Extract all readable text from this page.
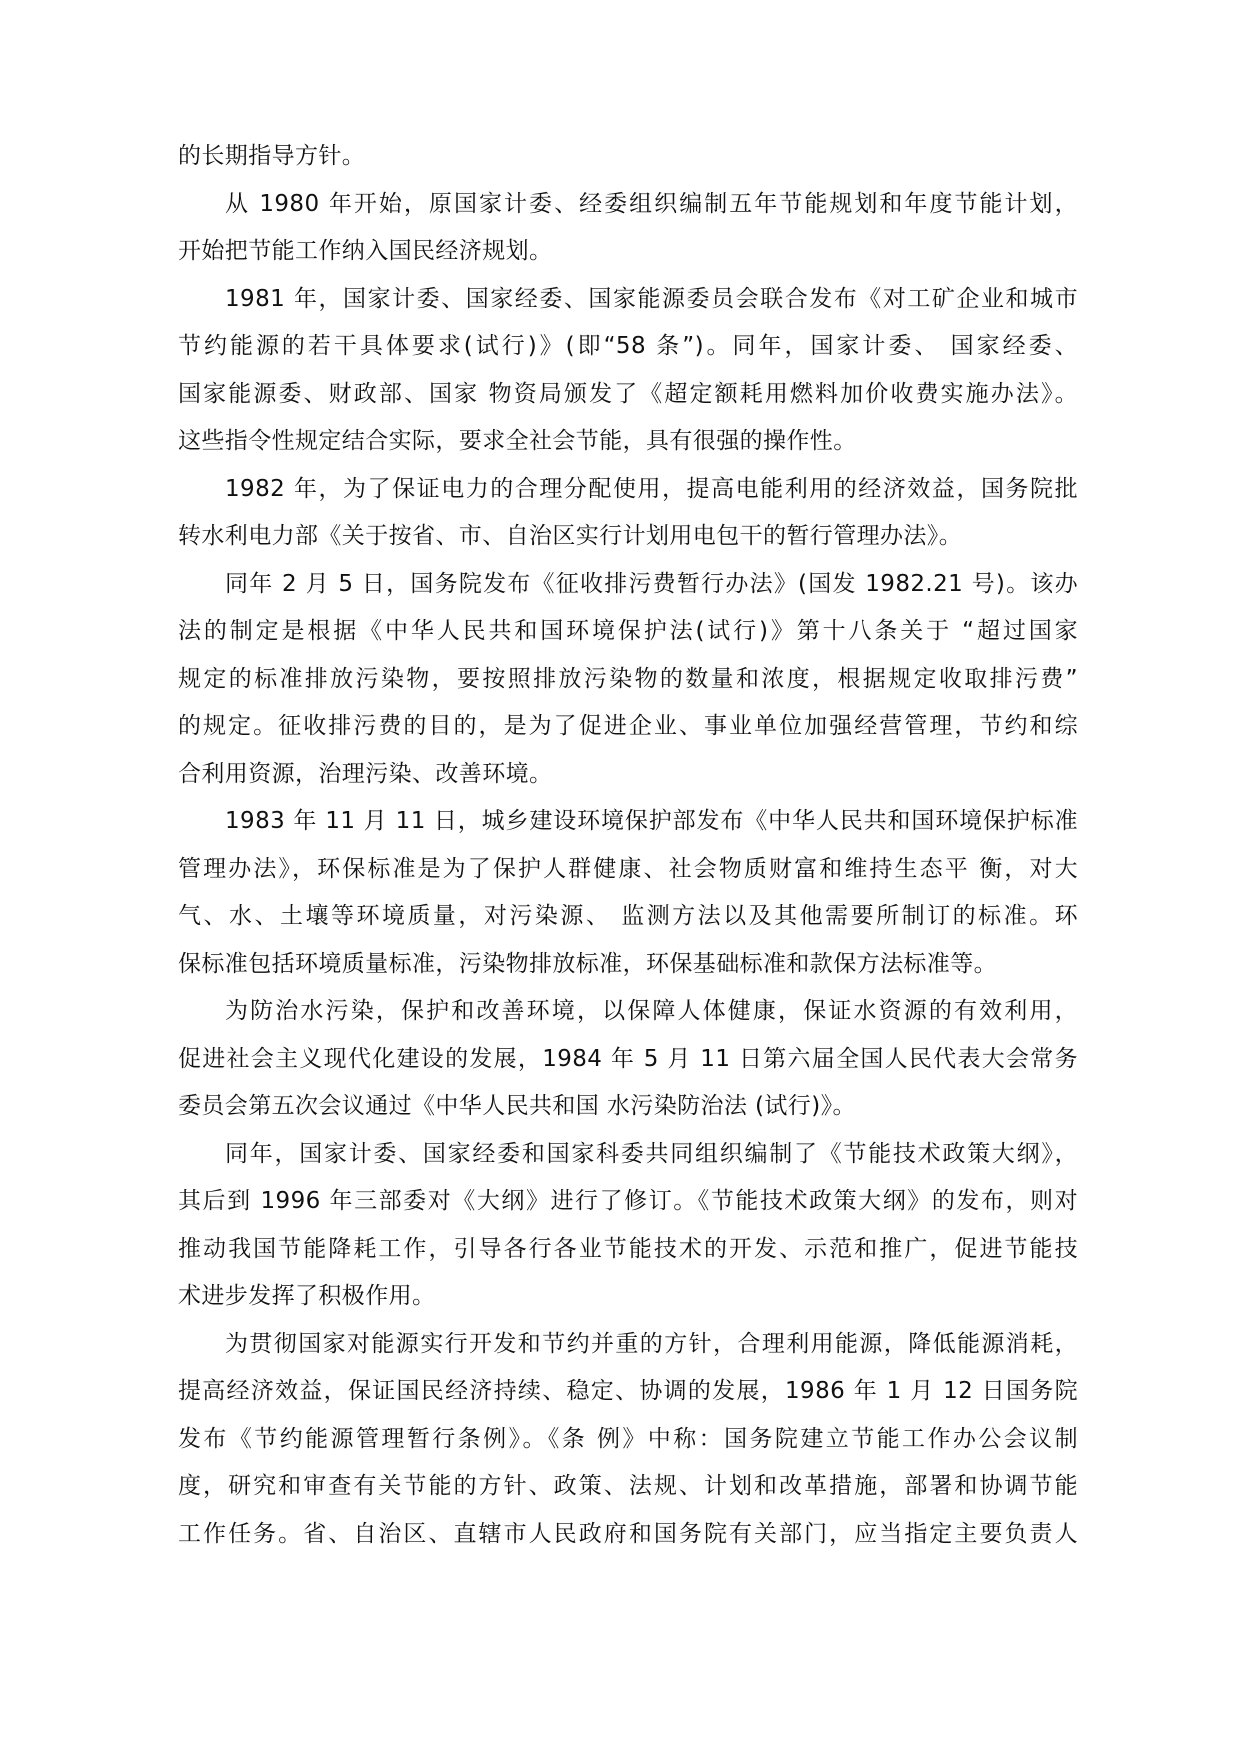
的长期指导方针。
从 1980 年开始，原国家计委、经委组织编制五年节能规划和年度节能计划，
开始把节能工作纳入国民经济规划。
1981 年，国家计委、国家经委、国家能源委员会联合发布《对工矿企业和城市
节约能源的若干具体要求(试行)》(即“58 条”)。同年，国家计委、 国家经委、
国家能源委、财政部、国家 物资局颁发了《超定额耗用燃料加价收费实施办法》。
这些指令性规定结合实际，要求全社会节能，具有很强的操作性。
1982 年，为了保证电力的合理分配使用，提高电能利用的经济效益，国务院批
转水利电力部《关于按省、市、自治区实行计划用电包干的暂行管理办法》。
同年 2 月 5 日，国务院发布《征收排污费暂行办法》(国发 1982.21 号)。该办
法的制定是根据《中华人民共和国环境保护法(试行)》第十八条关于 “超过国家
规定的标准排放污染物，要按照排放污染物的数量和浓度，根据规定收取排污费”
的规定。征收排污费的目的，是为了促进企业、事业单位加强经营管理，节约和综
合利用资源，治理污染、改善环境。
1983 年 11 月 11 日，城乡建设环境保护部发布《中华人民共和国环境保护标准
管理办法》，环保标准是为了保护人群健康、社会物质财富和维持生态平 衡，对大
气、水、土壤等环境质量，对污染源、 监测方法以及其他需要所制订的标准。环
保标准包括环境质量标准，污染物排放标准，环保基础标准和款保方法标准等。
为防治水污染，保护和改善环境，以保障人体健康，保证水资源的有效利用，
促进社会主义现代化建设的发展，1984 年 5 月 11 日第六届全国人民代表大会常务
委员会第五次会议通过《中华人民共和国 水污染防治法 (试行)》。
同年，国家计委、国家经委和国家科委共同组织编制了《节能技术政策大纲》，
其后到 1996 年三部委对《大纲》进行了修订。《节能技术政策大纲》的发布，则对
推动我国节能降耗工作，引导各行各业节能技术的开发、示范和推广，促进节能技
术进步发挥了积极作用。
为贯彻国家对能源实行开发和节约并重的方针，合理利用能源，降低能源消耗，
提高经济效益，保证国民经济持续、稳定、协调的发展，1986 年 1 月 12 日国务院
发布《节约能源管理暂行条例》。《条 例》中称：国务院建立节能工作办公会议制
度，研究和审查有关节能的方针、政策、法规、计划和改革措施，部署和协调节能
工作任务。省、自治区、直辖市人民政府和国务院有关部门，应当指定主要负责人
